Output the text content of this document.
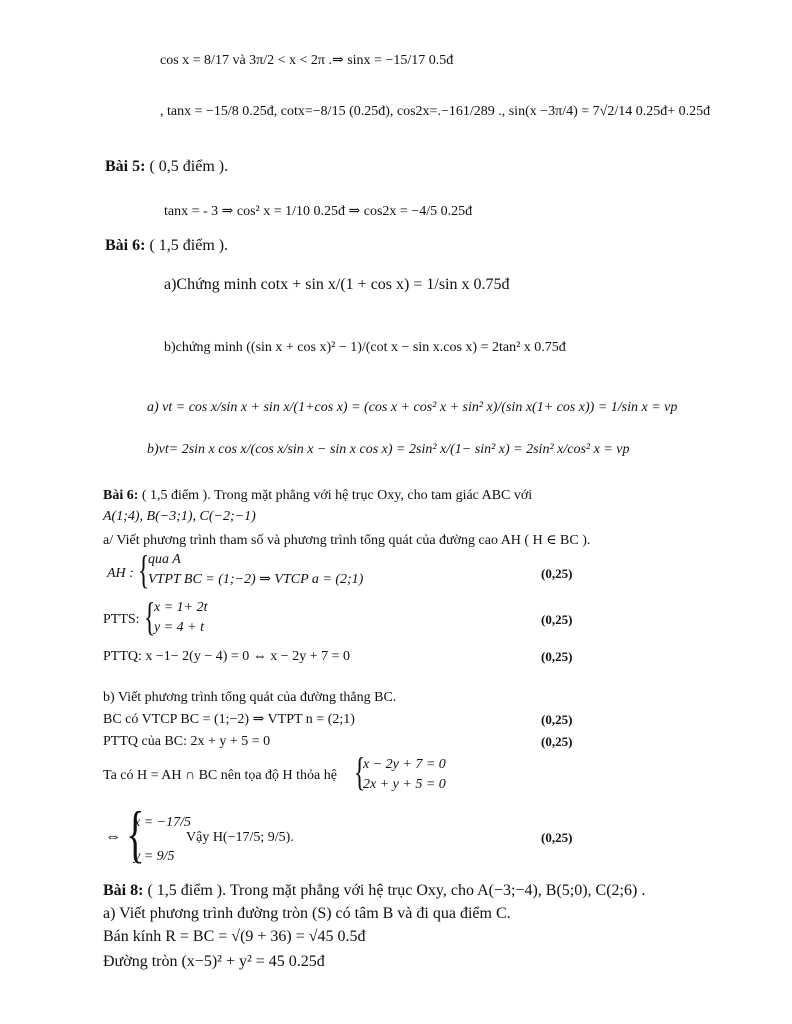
cos x = 8/17 và 3π/2 < x < 2π .⇒ sinx = −15/17 0.5đ
, tanx = −15/8 0.25đ, cotx=−8/15 (0.25đ), cos2x=.−161/289 ., sin(x −3π/4) = 7√2/14 0.25đ+ 0.25đ
Bài 5: ( 0,5 điểm ).
tanx = - 3 ⇒ cos² x = 1/10 0.25đ ⇒ cos2x = −4/5 0.25đ
Bài 6: ( 1,5 điểm ).
a)Chứng minh cotx + sin x/(1 + cos x) = 1/sin x 0.75đ
b)chứng minh ((sin x + cos x)² − 1)/(cot x − sin x.cos x) = 2tan² x 0.75đ
a) vt = cos x/sin x + sin x/(1+cos x) = (cos x + cos² x + sin² x)/(sin x(1+ cos x)) = 1/sin x = vp
b)vt= 2sin x cos x/(cos x/sin x − sin x cos x) = 2sin² x/(1− sin² x) = 2sin² x/cos² x = vp
Bài 6: ( 1,5 điểm ). Trong mặt phẳng với hệ trục Oxy, cho tam giác ABC với
A(1;4), B(−3;1), C(−2;−1)
a/ Viết phương trình tham số và phương trình tổng quát của đường cao AH ( H ∈ BC ).
AH : {
qua A
VTPT BC = (1;−2) ⇒ VTCP a = (2;1)	(0,25)
PTTS: {
x = 1+ 2t
y = 4 + t
(0,25)
PTTQ: x −1− 2(y − 4) = 0 ⇔ x − 2y + 7 = 0	(0,25)
b) Viết phương trình tổng quát của đường thẳng BC.
BC có VTCP BC = (1;−2) ⇒ VTPT n = (2;1)	(0,25)
PTTQ của BC: 2x + y + 5 = 0	(0,25)
Ta có H = AH ∩ BC nên tọa độ H thỏa hệ {
x − 2y + 7 = 0
2x + y + 5 = 0
⇔ {
x = −17/5
y = 9/5
Vậy H(−17/5; 9/5).	(0,25)
Bài 8: ( 1,5 điểm ). Trong mặt phẳng với hệ trục Oxy, cho A(−3;−4), B(5;0), C(2;6) .
a) Viết phương trình đường tròn (S) có tâm B và đi qua điểm C.
Bán kính R = BC = √(9 + 36) = √45 0.5đ
Đường tròn (x−5)² + y² = 45 0.25đ
